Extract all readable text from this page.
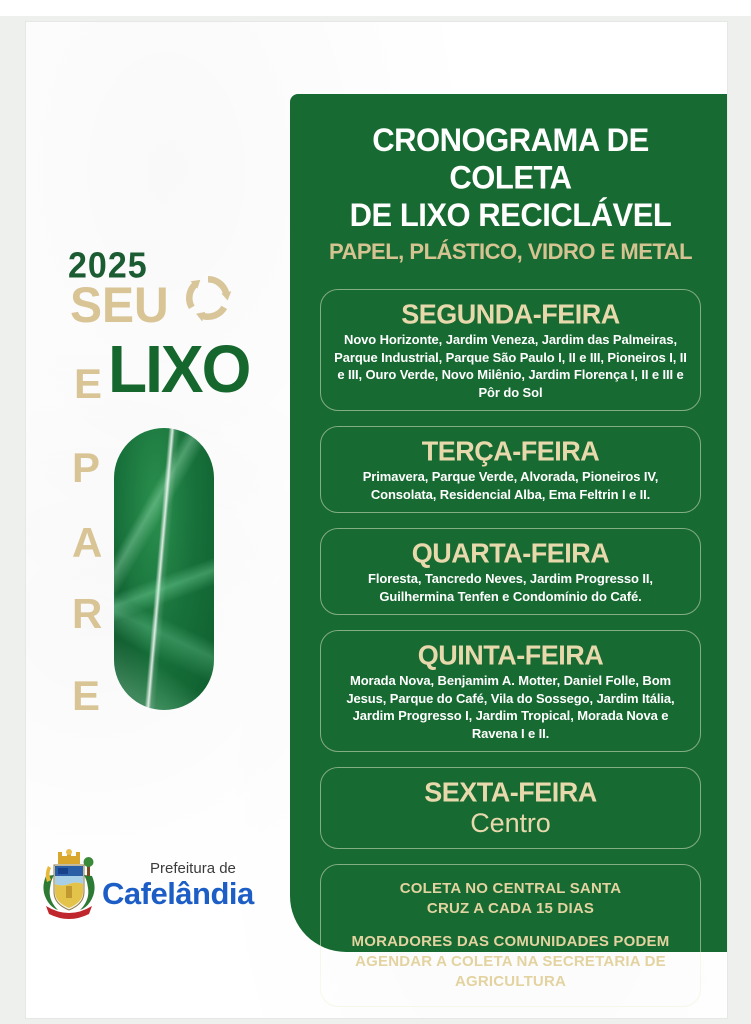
2025
SEU
E LIXO
P
A
R
E
Prefeitura de
Cafelândia
CRONOGRAMA DE COLETA
DE LIXO RECICLÁVEL
PAPEL, PLÁSTICO, VIDRO E METAL
SEGUNDA-FEIRA
Novo Horizonte, Jardim Veneza, Jardim das Palmeiras, Parque Industrial, Parque São Paulo I, II e III, Pioneiros I, II e III, Ouro Verde, Novo Milênio, Jardim Florença I, II e III e Pôr do Sol
TERÇA-FEIRA
Primavera, Parque Verde, Alvorada, Pioneiros IV, Consolata, Residencial Alba, Ema Feltrin I e II.
QUARTA-FEIRA
Floresta, Tancredo Neves, Jardim Progresso II, Guilhermina Tenfen e Condomínio do Café.
QUINTA-FEIRA
Morada Nova, Benjamim A. Motter, Daniel Folle, Bom Jesus, Parque do Café, Vila do Sossego, Jardim Itália, Jardim Progresso I, Jardim Tropical, Morada Nova e Ravena I e II.
SEXTA-FEIRA
Centro
COLETA NO CENTRAL SANTA CRUZ A CADA 15 DIAS
MORADORES DAS COMUNIDADES PODEM AGENDAR A COLETA NA SECRETARIA DE AGRICULTURA
